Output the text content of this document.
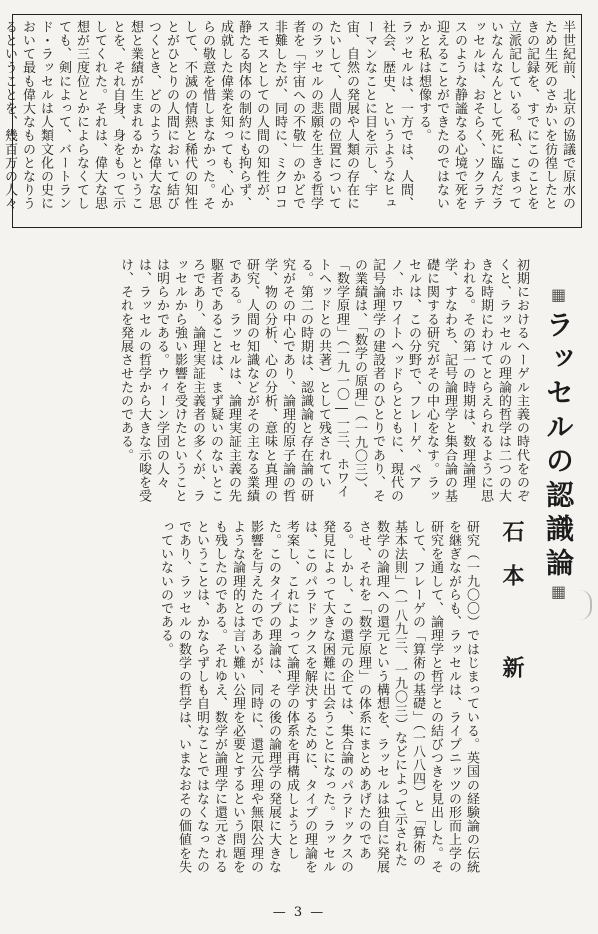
半世紀前、北京の協議で原水のため生死のさかいを彷徨したときの記録を、すでにこのことを立派記している。私、こまっていなんなんとして死に臨んだラッセルは、おそらく、ソクラテスのような静謐なる心境で死を迎えることができたのではないかと私は想像する。

ラッセルは、一方では、人間、社会、歴史、というようなヒューマンなことに目を示し、宇宙、自然の発展や人類の存在にたいして、人間の位置についてのラッセルの悲願を生きる哲学者を「宇宙への不敬」のかどで非難したが、同時に、ミクロコスモスとしての人間の知性が、静たる肉体の制約にも拘らず、成就した偉業を知っても、心からの敬意を惜しまなかった。そして、不滅の情熱と稀代の知性とがひとりの人間において結びつくとき、どのような偉大な思想と業績が生まれるかということを、それ自身、身をもって示してくれた。それは、偉大な思想が三度位とかによらなくてしても、剣によって、バートランド・ラッセルは人類文化の史において最も偉大なものとなりうるということを、幾百万の人々

▦ラッセルの認識論▦

初期におけるヘーゲル主義の時代をのぞくと、ラッセルの理論的哲学は二つの大きな時期にわけてとらえられるように思われる。その第一の時期は、数理論理学、すなわち、記号論理学と集合論の基礎に関する研究がその中心をなす。ラッセルは、この分野で、フレーゲ、ペアノ、ホワイトヘッドらとともに、現代の記号論理学の建設者のひとりであり、その業績は、「数学の原理」（一九〇三）、「数学原理」（一九一〇―一三、ホワイトヘッドとの共著）として残されている。第二の時期は、認識論と存在論の研究がその中心であり、論理的原子論の哲学、物の分析、心の分析、意味と真理の研究、人間の知識などがその主なる業績である。ラッセルは、論理実証主義の先駆者であることは、まず疑いのないところであり、論理実証主義者の多くが、ラッセルから強い影響を受けたということは明らかである。ウィーン学団の人々は、ラッセルの哲学から大きな示唆を受け、それを発展させたのである。

石本 新

研究（一九〇〇）ではじまっている。英国の経験論の伝統を継ぎながらも、ラッセルは、ライプニッツの形而上学の研究を通して、論理学と哲学との結びつきを見出した。そして、フレーゲの「算術の基礎」（一八八四）と「算術の基本法則」（一八九三、一九〇三）などによって示された数学の論理への還元という構想を、ラッセルは独自に発展させ、それを「数学原理」の体系にまとめあげたのである。しかし、この還元の企ては、集合論のパラドックスの発見によって大きな困難に出会うことになった。ラッセルは、このパラドックスを解決するために、タイプの理論を考案し、これによって論理学の体系を再構成しようとした。このタイプの理論は、その後の論理学の発展に大きな影響を与えたのであるが、同時に、還元公理や無限公理のような論理的とは言い難い公理を必要とするという問題をも残したのである。それゆえ、数学が論理学に還元されるということは、かならずしも自明なことではなくなったのであり、ラッセルの数学の哲学は、いまなおその価値を失っていないのである。

— 3 —
